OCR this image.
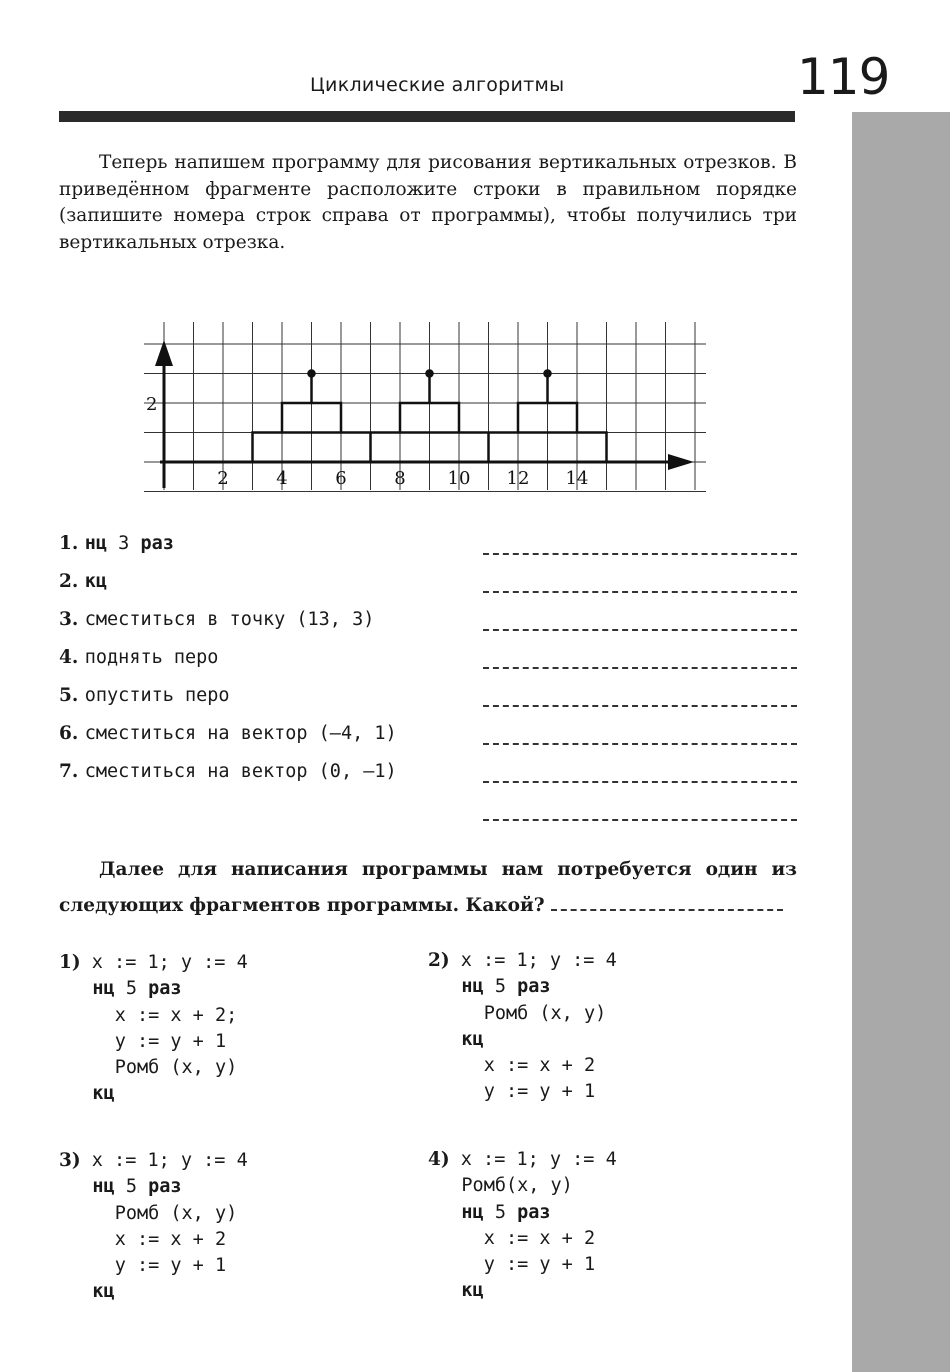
Циклические алгоритмы	119
Теперь напишем программу для рисования вертикальных отрезков. В приведённом фрагменте расположите строки в правильном порядке (запишите номера строк справа от программы), чтобы получились три вертикальных отрезка.
2	4	6	8 10 12 14
2
1. нц 3 раз
2. кц
3. сместиться в точку (13, 3)
4. поднять перо
5. опустить перо
6. сместиться на вектор (–4, 1)
7. сместиться на вектор (0, –1)
Далее для написания программы нам потребуется один из следующих фрагментов программы. Какой?
1) x := 1; y := 4
нц 5 раз
x := x + 2;
y := y + 1
Ромб (x, y)
кц
2) x := 1; y := 4
нц 5 раз
Ромб (x, y)
кц
x := x + 2
y := y + 1
3) x := 1; y := 4
нц 5 раз
Ромб (x, y)
x := x + 2
y := y + 1
кц
4) x := 1; y := 4
Ромб(x, y)
нц 5 раз
x := x + 2
y := y + 1
кц
